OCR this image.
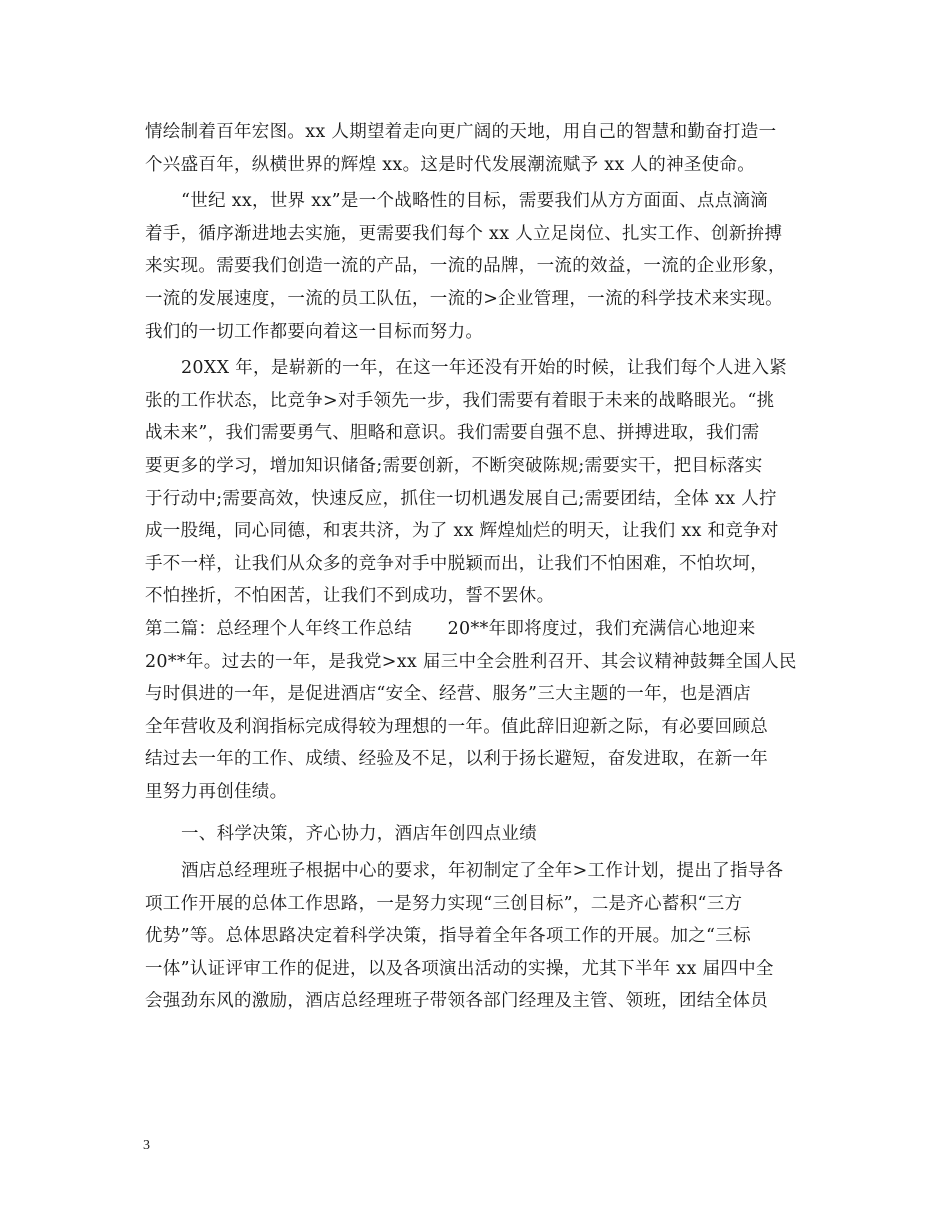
情绘制着百年宏图。xx 人期望着走向更广阔的天地，用自己的智慧和勤奋打造一
个兴盛百年，纵横世界的辉煌 xx。这是时代发展潮流赋予 xx 人的神圣使命。
“世纪 xx，世界 xx”是一个战略性的目标，需要我们从方方面面、点点滴滴
着手，循序渐进地去实施，更需要我们每个 xx 人立足岗位、扎实工作、创新拚搏
来实现。需要我们创造一流的产品，一流的品牌，一流的效益，一流的企业形象，
一流的发展速度，一流的员工队伍，一流的>企业管理，一流的科学技术来实现。
我们的一切工作都要向着这一目标而努力。
20XX 年，是崭新的一年，在这一年还没有开始的时候，让我们每个人进入紧
张的工作状态，比竞争>对手领先一步，我们需要有着眼于未来的战略眼光。“挑
战未来”，我们需要勇气、胆略和意识。我们需要自强不息、拼搏进取，我们需
要更多的学习，增加知识储备;需要创新，不断突破陈规;需要实干，把目标落实
于行动中;需要高效，快速反应，抓住一切机遇发展自己;需要团结，全体 xx 人拧
成一股绳，同心同德，和衷共济，为了 xx 辉煌灿烂的明天，让我们 xx 和竞争对
手不一样，让我们从众多的竞争对手中脱颖而出，让我们不怕困难，不怕坎坷，
不怕挫折，不怕困苦，让我们不到成功，誓不罢休。
第二篇：总经理个人年终工作总结　　20**年即将度过，我们充满信心地迎来
20**年。过去的一年，是我党>xx 届三中全会胜利召开、其会议精神鼓舞全国人民
与时俱进的一年，是促进酒店“安全、经营、服务”三大主题的一年，也是酒店
全年营收及利润指标完成得较为理想的一年。值此辞旧迎新之际，有必要回顾总
结过去一年的工作、成绩、经验及不足，以利于扬长避短，奋发进取，在新一年
里努力再创佳绩。
一、科学决策，齐心协力，酒店年创四点业绩
酒店总经理班子根据中心的要求，年初制定了全年>工作计划，提出了指导各
项工作开展的总体工作思路，一是努力实现“三创目标”，二是齐心蓄积“三方
优势”等。总体思路决定着科学决策，指导着全年各项工作的开展。加之“三标
一体”认证评审工作的促进，以及各项演出活动的实操，尤其下半年 xx 届四中全
会强劲东风的激励，酒店总经理班子带领各部门经理及主管、领班，团结全体员
3
